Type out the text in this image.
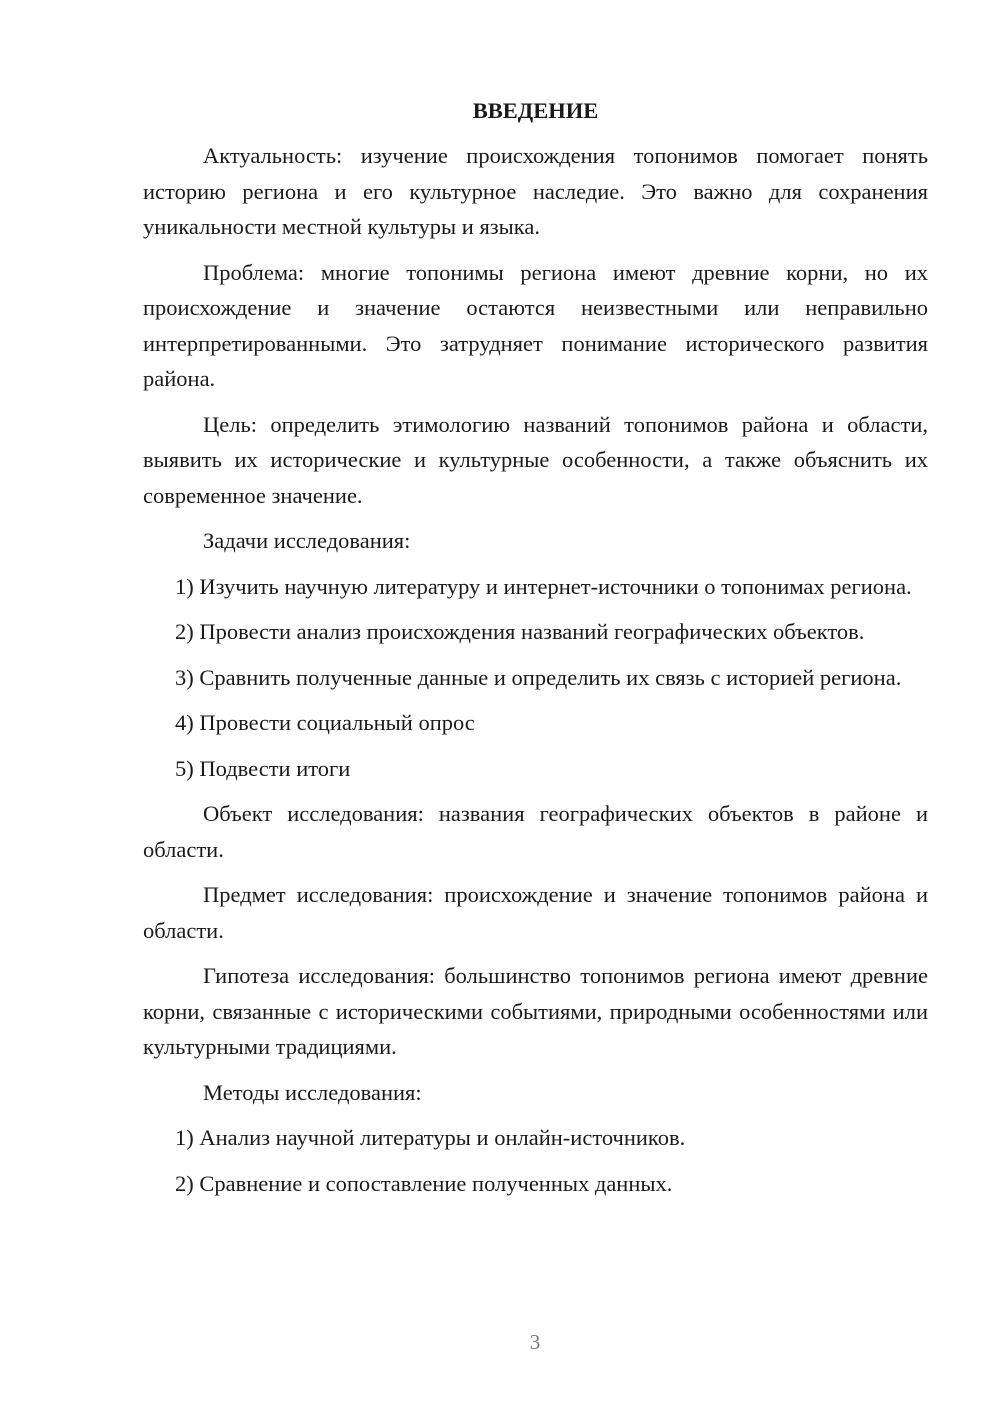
ВВЕДЕНИЕ

Актуальность: изучение происхождения топонимов помогает понять историю региона и его культурное наследие. Это важно для сохранения уникальности местной культуры и языка.

Проблема: многие топонимы региона имеют древние корни, но их происхождение и значение остаются неизвестными или неправильно интерпретированными. Это затрудняет понимание исторического развития района.

Цель: определить этимологию названий топонимов района и области, выявить их исторические и культурные особенности, а также объяснить их современное значение.

Задачи исследования:

1) Изучить научную литературу и интернет-источники о топонимах региона.

2) Провести анализ происхождения названий географических объектов.

3) Сравнить полученные данные и определить их связь с историей региона.

4) Провести социальный опрос

5) Подвести итоги

Объект исследования: названия географических объектов в районе и области.

Предмет исследования: происхождение и значение топонимов района и области.

Гипотеза исследования: большинство топонимов региона имеют древние корни, связанные с историческими событиями, природными особенностями или культурными традициями.

Методы исследования:

1) Анализ научной литературы и онлайн-источников.

2) Сравнение и сопоставление полученных данных.

3
